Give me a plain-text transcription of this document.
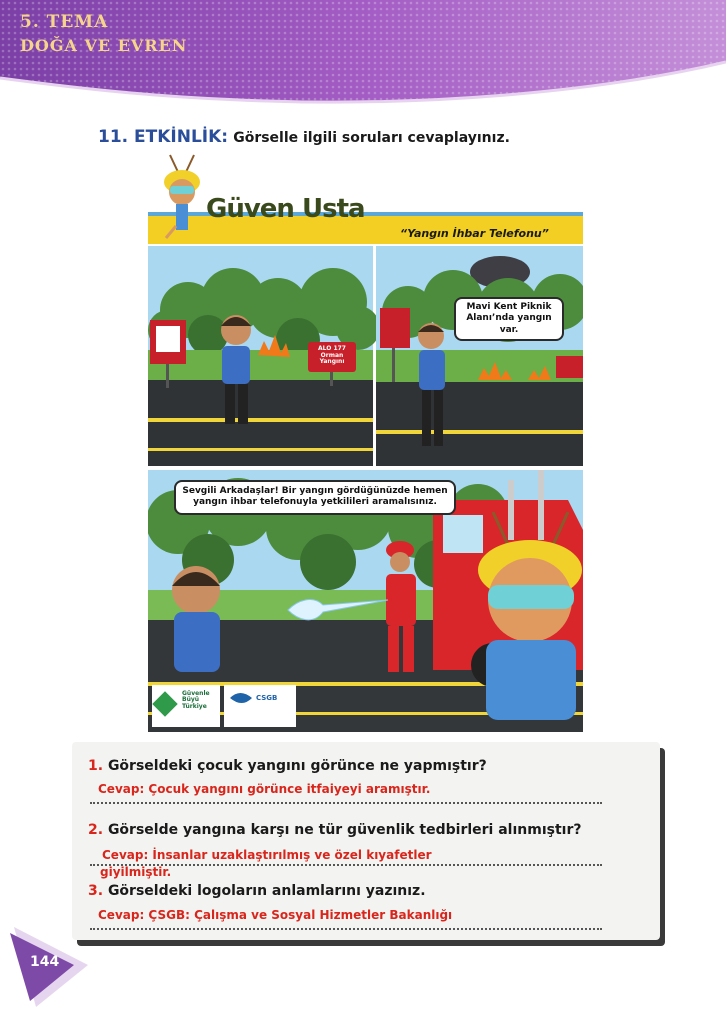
5. TEMA
DOĞA VE EVREN
11. ETKİNLİK: Görselle ilgili soruları cevaplayınız.
Güven Usta
“Yangın İhbar Telefonu”
Mavi Kent Piknik Alanı’nda yangın var.
Sevgili Arkadaşlar! Bir yangın gördüğünüzde hemen yangın ihbar telefonuyla yetkilileri aramalısınız.
ALO 177
Orman Yangını
Güvenle Büyü Türkiye
CSGB
1. Görseldeki çocuk yangını görünce ne yapmıştır?
Cevap: Çocuk yangını görünce itfaiyeyi aramıştır.
2. Görselde yangına karşı ne tür güvenlik tedbirleri alınmıştır?
Cevap: İnsanlar uzaklaştırılmış ve özel kıyafetler
giyilmiştir.
3. Görseldeki logoların anlamlarını yazınız.
Cevap: ÇSGB: Çalışma ve Sosyal Hizmetler Bakanlığı
144
